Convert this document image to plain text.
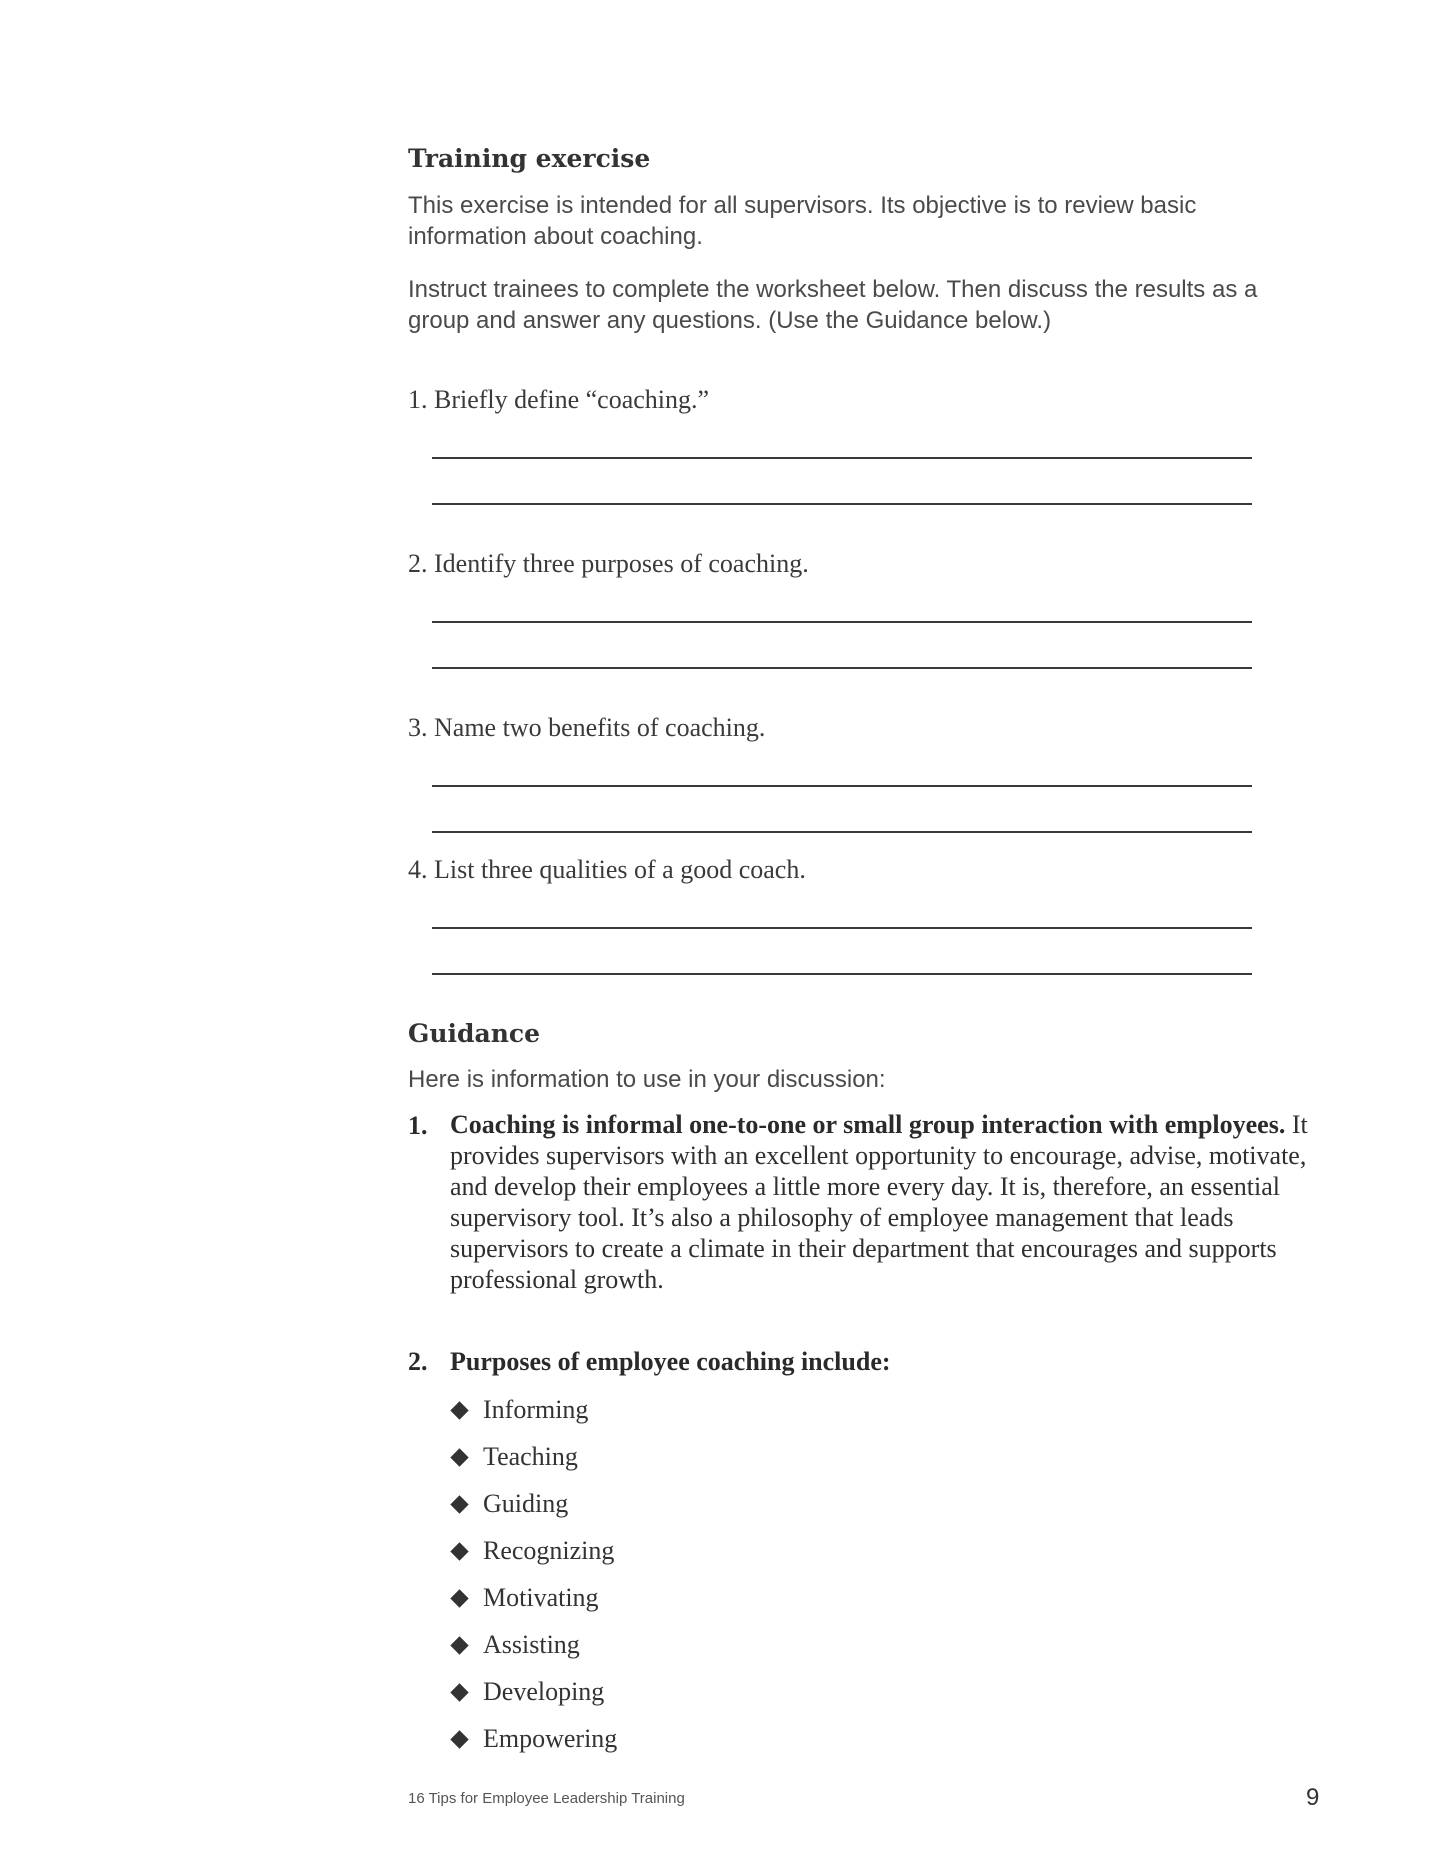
Training exercise
This exercise is intended for all supervisors. Its objective is to review basic information about coaching.
Instruct trainees to complete the worksheet below. Then discuss the results as a group and answer any questions. (Use the Guidance below.)
1. Briefly define “coaching.”
2. Identify three purposes of coaching.
3. Name two benefits of coaching.
4. List three qualities of a good coach.
Guidance
Here is information to use in your discussion:
1. Coaching is informal one-to-one or small group interaction with employees. It provides supervisors with an excellent opportunity to encourage, advise, motivate, and develop their employees a little more every day. It is, therefore, an essential supervisory tool. It’s also a philosophy of employee management that leads supervisors to create a climate in their department that encourages and supports professional growth.
2. Purposes of employee coaching include:
Informing
Teaching
Guiding
Recognizing
Motivating
Assisting
Developing
Empowering
16 Tips for Employee Leadership Training	9
